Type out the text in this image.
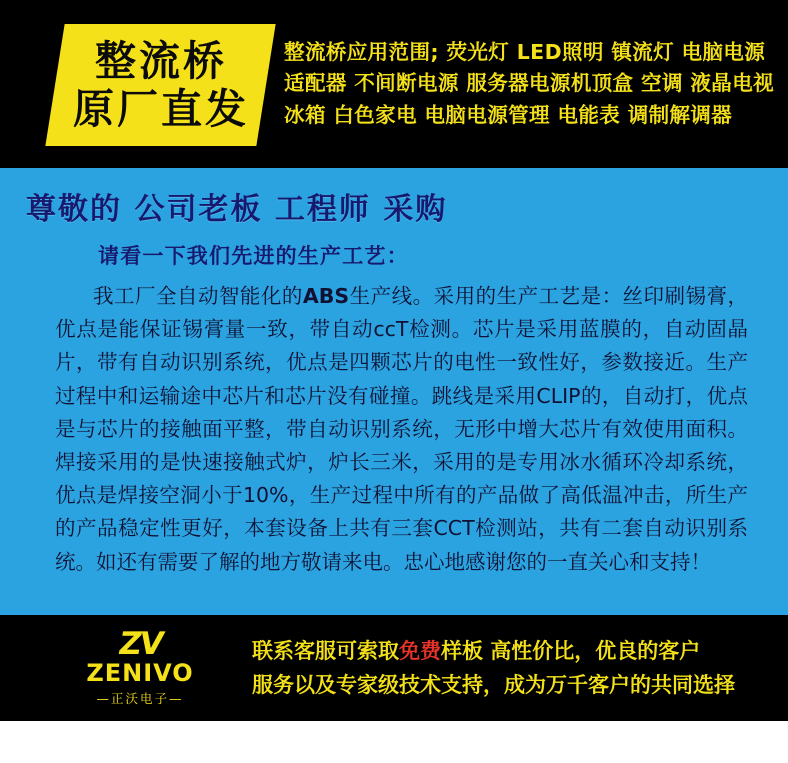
整流桥
原厂直发
整流桥应用范围; 荧光灯 LED照明 镇流灯 电脑电源
适配器 不间断电源 服务器电源机顶盒 空调 液晶电视
冰箱 白色家电 电脑电源管理 电能表 调制解调器
尊敬的 公司老板 工程师 采购
请看一下我们先进的生产工艺：
我工厂全自动智能化的ABS生产线。采用的生产工艺是：丝印刷锡膏，优点是能保证锡膏量一致，带自动ccT检测。芯片是采用蓝膜的，自动固晶片，带有自动识别系统，优点是四颗芯片的电性一致性好，参数接近。生产过程中和运输途中芯片和芯片没有碰撞。跳线是采用CLIP的，自动打，优点是与芯片的接触面平整，带自动识别系统，无形中增大芯片有效使用面积。焊接采用的是快速接触式炉，炉长三米，采用的是专用冰水循环冷却系统，优点是焊接空洞小于10%，生产过程中所有的产品做了高低温冲击，所生产的产品稳定性更好，本套设备上共有三套CCT检测站，共有二套自动识别系统。如还有需要了解的地方敬请来电。忠心地感谢您的一直关心和支持！
ZV
ZENIVO
—正沃电子—
联系客服可索取免费样板 高性价比，优良的客户
服务以及专家级技术支持，成为万千客户的共同选择
